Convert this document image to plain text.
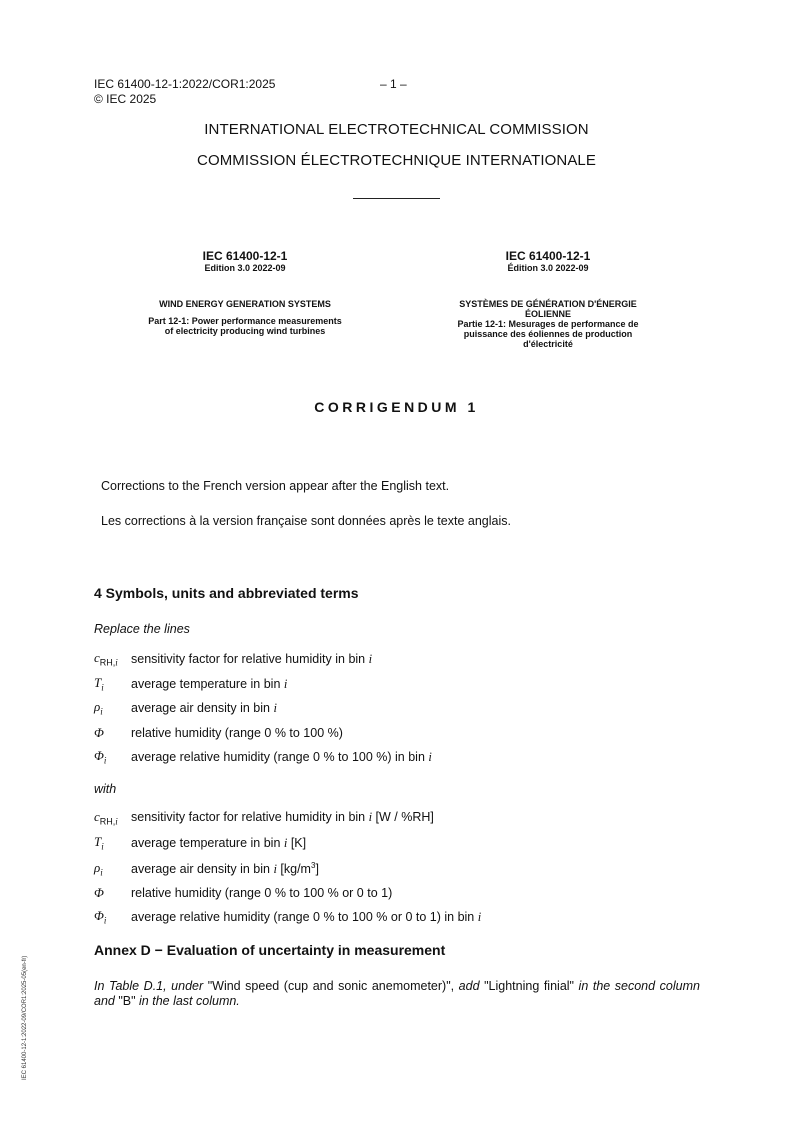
IEC 61400-12-1:2022/COR1:2025	– 1 –
© IEC 2025
INTERNATIONAL ELECTROTECHNICAL COMMISSION
COMMISSION ÉLECTROTECHNIQUE INTERNATIONALE
IEC 61400-12-1
Edition 3.0 2022-09
WIND ENERGY GENERATION SYSTEMS
Part 12-1: Power performance measurements
of electricity producing wind turbines
IEC 61400-12-1
Édition 3.0 2022-09
SYSTÈMES DE GÉNÉRATION D'ÉNERGIE
ÉOLIENNE
Partie 12-1: Mesurages de performance de
puissance des éoliennes de production
d'électricité
CORRIGENDUM 1
Corrections to the French version appear after the English text.
Les corrections à la version française sont données après le texte anglais.
4 Symbols, units and abbreviated terms
Replace the lines
$c_{RH,i}$ sensitivity factor for relative humidity in bin i
$T_i$ average temperature in bin i
$\rho_i$ average air density in bin i
Φ relative humidity (range 0 % to 100 %)
$\Phi_i$ average relative humidity (range 0 % to 100 %) in bin i
with
$c_{RH,i}$ sensitivity factor for relative humidity in bin i [W / %RH]
$T_i$ average temperature in bin i [K]
$\rho_i$ average air density in bin i $[kg/m^3]$
Φ relative humidity (range 0 % to 100 % or 0 to 1)
$\Phi_i$ average relative humidity (range 0 % to 100 % or 0 to 1) in bin i
Annex D − Evaluation of uncertainty in measurement
In Table D.1, under "Wind speed (cup and sonic anemometer)", add "Lightning finial" in the second column and "B" in the last column.
IEC 61400-12-1:2022-09/COR1:2025-05(en-fr)
